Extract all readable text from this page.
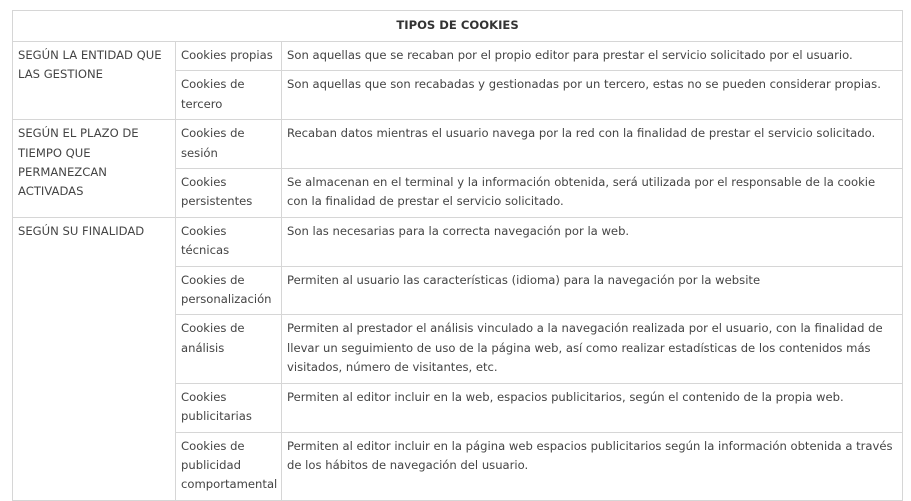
TIPOS DE COOKIES		
SEGÚN LA ENTIDAD QUE LAS GESTIONE	Cookies propias	Son aquellas que se recaban por el propio editor para prestar el servicio solicitado por el usuario.
	Cookies de tercero	Son aquellas que son recabadas y gestionadas por un tercero, estas no se pueden considerar propias.
SEGÚN EL PLAZO DE TIEMPO QUE PERMANEZCAN ACTIVADAS	Cookies de sesión	Recaban datos mientras el usuario navega por la red con la finalidad de prestar el servicio solicitado.
	Cookies persistentes	Se almacenan en el terminal y la información obtenida, será utilizada por el responsable de la cookie con la finalidad de prestar el servicio solicitado.
SEGÚN SU FINALIDAD	Cookies técnicas	Son las necesarias para la correcta navegación por la web.
	Cookies de personalización	Permiten al usuario las características (idioma) para la navegación por la website
	Cookies de análisis	Permiten al prestador el análisis vinculado a la navegación realizada por el usuario, con la finalidad de llevar un seguimiento de uso de la página web, así como realizar estadísticas de los contenidos más visitados, número de visitantes, etc.
	Cookies publicitarias	Permiten al editor incluir en la web, espacios publicitarios, según el contenido de la propia web.
	Cookies de publicidad comportamental	Permiten al editor incluir en la página web espacios publicitarios según la información obtenida a través de los hábitos de navegación del usuario.
